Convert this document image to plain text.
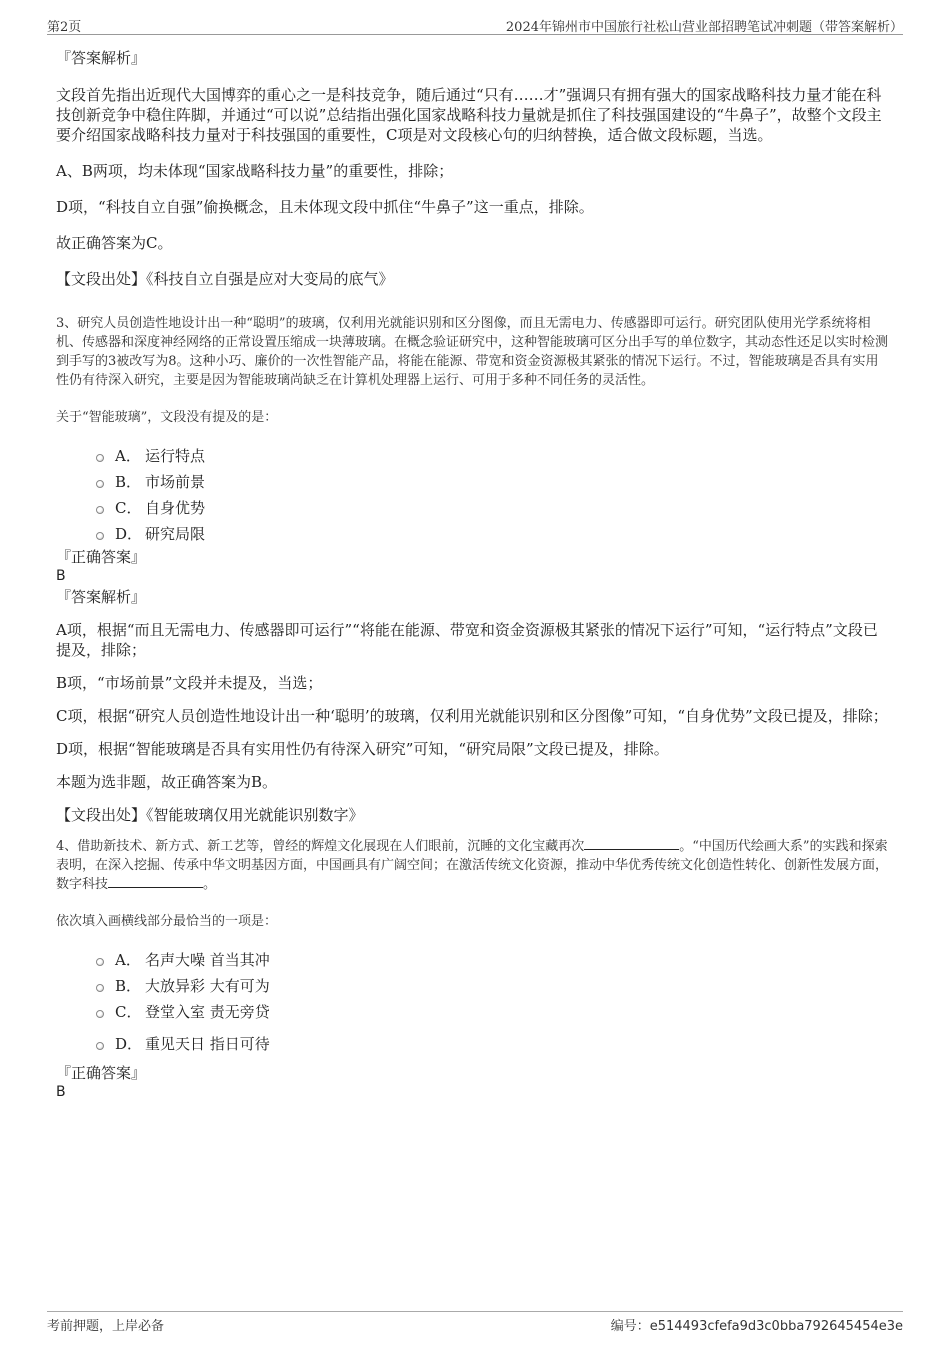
第2页	2024年锦州市中国旅行社松山营业部招聘笔试冲刺题（带答案解析）

『答案解析』

文段首先指出近现代大国博弈的重心之一是科技竞争，随后通过“只有……才”强调只有拥有强大的国家战略科技力量才能在科技创新竞争中稳住阵脚，并通过“可以说”总结指出强化国家战略科技力量就是抓住了科技强国建设的“牛鼻子”，故整个文段主要介绍国家战略科技力量对于科技强国的重要性，C项是对文段核心句的归纳替换，适合做文段标题，当选。

A、B两项，均未体现“国家战略科技力量”的重要性，排除；

D项，“科技自立自强”偷换概念，且未体现文段中抓住“牛鼻子”这一重点，排除。

故正确答案为C。

【文段出处】《科技自立自强是应对大变局的底气》

3、研究人员创造性地设计出一种“聪明”的玻璃，仅利用光就能识别和区分图像，而且无需电力、传感器即可运行。研究团队使用光学系统将相机、传感器和深度神经网络的正常设置压缩成一块薄玻璃。在概念验证研究中，这种智能玻璃可区分出手写的单位数字，其动态性还足以实时检测到手写的3被改写为8。这种小巧、廉价的一次性智能产品，将能在能源、带宽和资金资源极其紧张的情况下运行。不过，智能玻璃是否具有实用性仍有待深入研究，主要是因为智能玻璃尚缺乏在计算机处理器上运行、可用于多种不同任务的灵活性。

关于“智能玻璃”，文段没有提及的是：

A． 运行特点
B． 市场前景
C． 自身优势
D． 研究局限

『正确答案』

B

『答案解析』

A项，根据“而且无需电力、传感器即可运行”“将能在能源、带宽和资金资源极其紧张的情况下运行”可知，“运行特点”文段已提及，排除；

B项，“市场前景”文段并未提及，当选；

C项，根据“研究人员创造性地设计出一种‘聪明’的玻璃，仅利用光就能识别和区分图像”可知，“自身优势”文段已提及，排除；

D项，根据“智能玻璃是否具有实用性仍有待深入研究”可知，“研究局限”文段已提及，排除。

本题为选非题，故正确答案为B。

【文段出处】《智能玻璃仅用光就能识别数字》

4、借助新技术、新方式、新工艺等，曾经的辉煌文化展现在人们眼前，沉睡的文化宝藏再次	。“中国历代绘画大系”的实践和探索表明，在深入挖掘、传承中华文明基因方面，中国画具有广阔空间；在激活传统文化资源，推动中华优秀传统文化创造性转化、创新性发展方面，数字科技	。

依次填入画横线部分最恰当的一项是：

A． 名声大噪 首当其冲
B． 大放异彩 大有可为
C． 登堂入室 责无旁贷
D． 重见天日 指日可待

『正确答案』

B

考前押题，上岸必备	编号：e514493cfefa9d3c0bba792645454e3e
